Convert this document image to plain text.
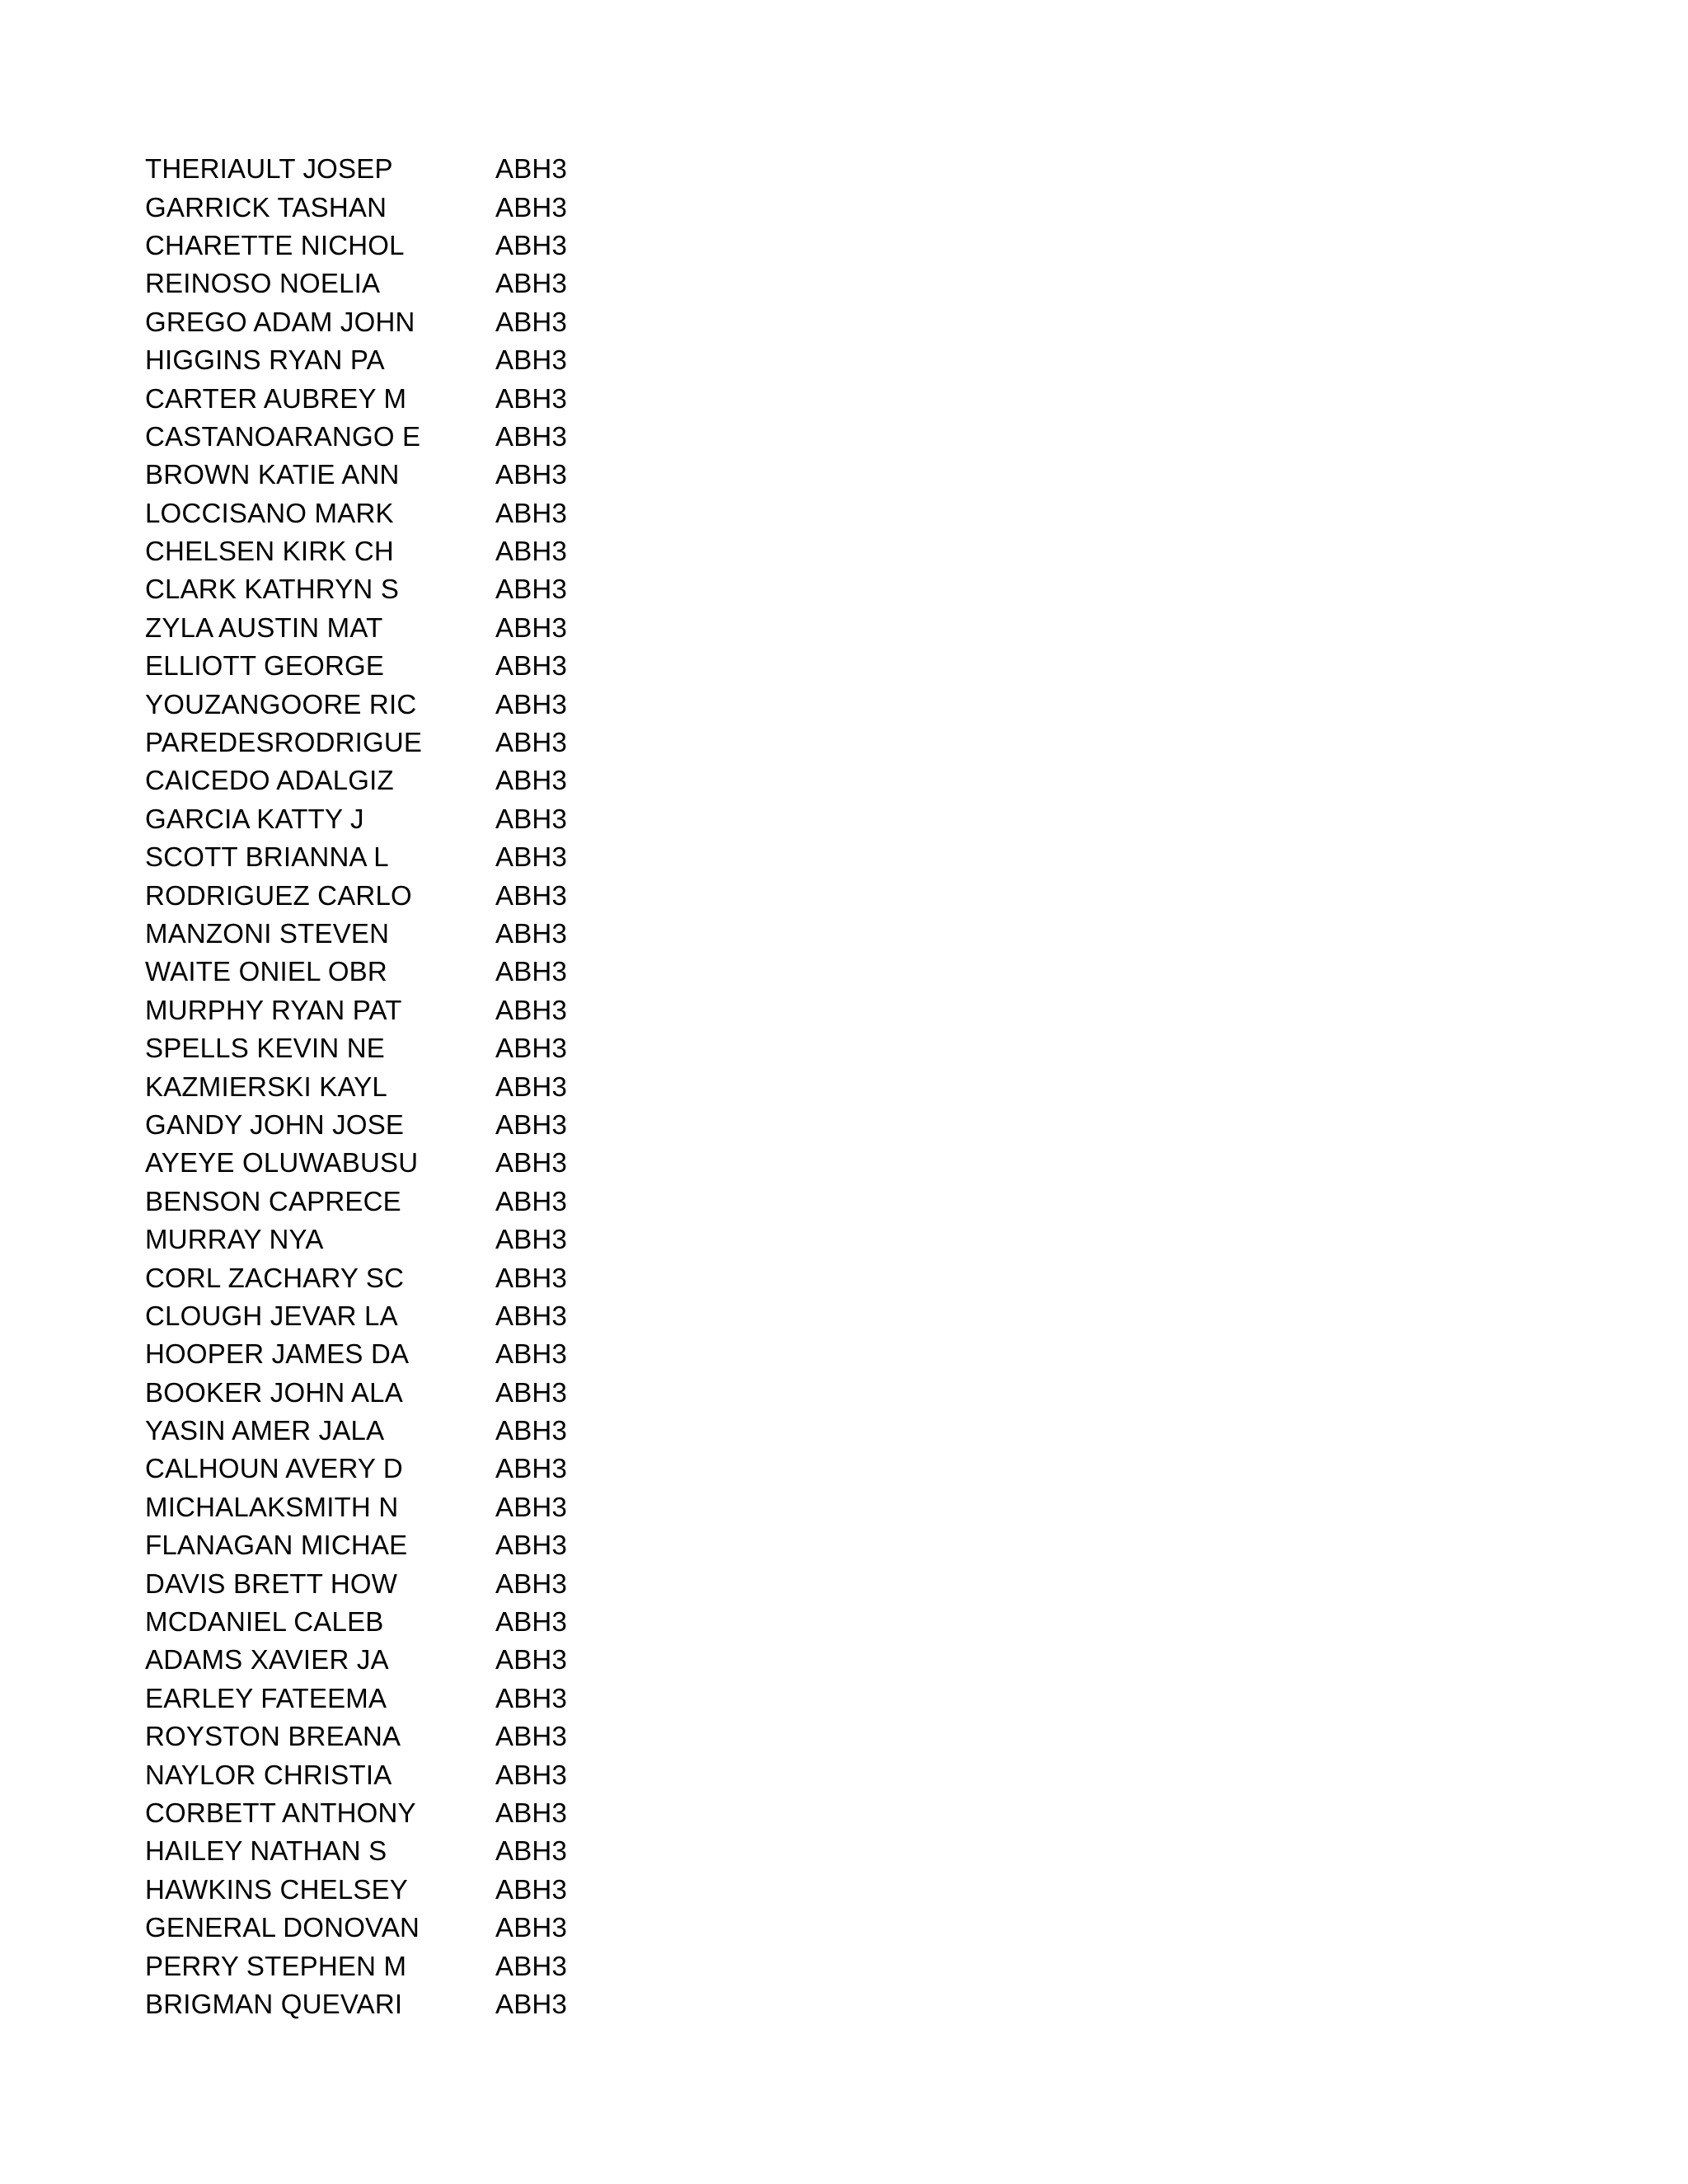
THERIAULT JOSEP	ABH3
GARRICK TASHAN	ABH3
CHARETTE NICHOL	ABH3
REINOSO NOELIA	ABH3
GREGO ADAM JOHN	ABH3
HIGGINS RYAN PA	ABH3
CARTER AUBREY M	ABH3
CASTANOARANGO E	ABH3
BROWN KATIE ANN	ABH3
LOCCISANO MARK	ABH3
CHELSEN KIRK CH	ABH3
CLARK KATHRYN S	ABH3
ZYLA AUSTIN MAT	ABH3
ELLIOTT GEORGE	ABH3
YOUZANGOORE RIC	ABH3
PAREDESRODRIGUE	ABH3
CAICEDO ADALGIZ	ABH3
GARCIA KATTY J	ABH3
SCOTT BRIANNA L	ABH3
RODRIGUEZ CARLO	ABH3
MANZONI STEVEN	ABH3
WAITE ONIEL OBR	ABH3
MURPHY RYAN PAT	ABH3
SPELLS KEVIN NE	ABH3
KAZMIERSKI KAYL	ABH3
GANDY JOHN JOSE	ABH3
AYEYE OLUWABUSU	ABH3
BENSON CAPRECE	ABH3
MURRAY NYA	ABH3
CORL ZACHARY SC	ABH3
CLOUGH JEVAR LA	ABH3
HOOPER JAMES DA	ABH3
BOOKER JOHN ALA	ABH3
YASIN AMER JALA	ABH3
CALHOUN AVERY D	ABH3
MICHALAKSMITH N	ABH3
FLANAGAN MICHAE	ABH3
DAVIS BRETT HOW	ABH3
MCDANIEL CALEB	ABH3
ADAMS XAVIER JA	ABH3
EARLEY FATEEMA	ABH3
ROYSTON BREANA	ABH3
NAYLOR CHRISTIA	ABH3
CORBETT ANTHONY	ABH3
HAILEY NATHAN S	ABH3
HAWKINS CHELSEY	ABH3
GENERAL DONOVAN	ABH3
PERRY STEPHEN M	ABH3
BRIGMAN QUEVARI	ABH3
